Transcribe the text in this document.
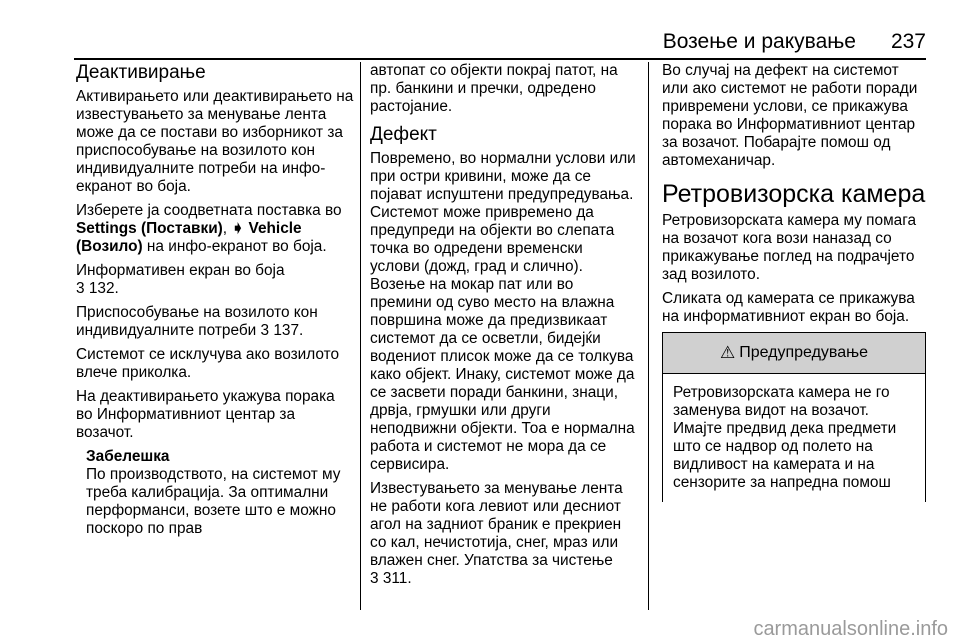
Возење и ракување 237
Деактивирање

Активирањето или деактивирањето на известувањето за менување лента може да се постави во изборникот за приспособување на возилото кон индивидуалните потреби на инфо-екранот во боја.

Изберете ја соодветната поставка во Settings (Поставки), ➧ Vehicle (Возило) на инфо-екранот во боја.

Информативен екран во боја
3 132.

Приспособување на возилото кон индивидуалните потреби 3 137.

Системот се исклучува ако возилото влече приколка.

На деактивирањето укажува порака во Информативниот центар за возачот.

Забелешка

По производството, на системот му треба калибрација. За оптимални перформанси, возете што е можно поскоро по прав

автопат со објекти покрај патот, на пр. банкини и пречки, одредено растојание.

Дефект

Повремено, во нормални услови или при остри кривини, може да се појават испуштени предупредувања. Системот може привремено да предупреди на објекти во слепата точка во одредени временски услови (дожд, град и слично). Возење на мокар пат или во премини од суво место на влажна површина може да предизвикаат системот да се осветли, бидејќи водениот плисок може да се толкува како објект. Инаку, системот може да се засвети поради банкини, знаци, дрвја, грмушки или други неподвижни објекти. Тоа е нормална работа и системот не мора да се сервисира.

Известувањето за менување лента не работи кога левиот или десниот агол на задниот браник е прекриен со кал, нечистотија, снег, мраз или влажен снег. Упатства за чистење
3 311.

Во случај на дефект на системот или ако системот не работи поради привремени услови, се прикажува порака во Информативниот центар за возачот. Побарајте помош од автомеханичар.

Ретровизорска камера

Ретровизорската камера му помага на возачот кога вози наназад со прикажување поглед на подрачјето зад возилото.

Сликата од камерата се прикажува на информативниот екран во боја.

⚠ Предупредување
Ретровизорската камера не го заменува видот на возачот. Имајте предвид дека предмети што се надвор од полето на видливост на камерата и на сензорите за напредна помош
carmanualsonline.info
